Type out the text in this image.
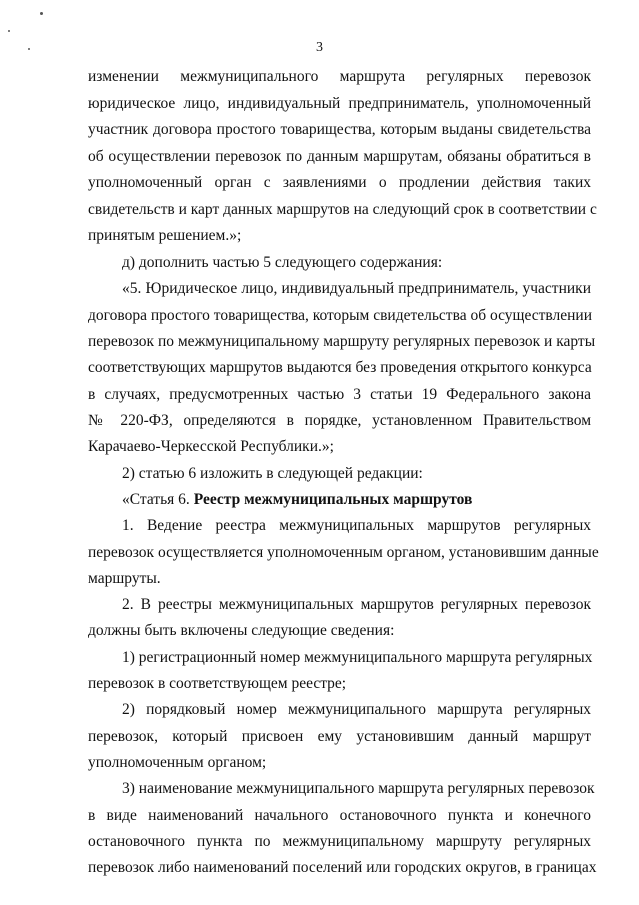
3
изменении межмуниципального маршрута регулярных перевозок
юридическое лицо, индивидуальный предприниматель, уполномоченный
участник договора простого товарищества, которым выданы свидетельства
об осуществлении перевозок по данным маршрутам, обязаны обратиться в
уполномоченный орган с заявлениями о продлении действия таких
свидетельств и карт данных маршрутов на следующий срок в соответствии с
принятым решением.»;
д) дополнить частью 5 следующего содержания:
«5. Юридическое лицо, индивидуальный предприниматель, участники
договора простого товарищества, которым свидетельства об осуществлении
перевозок по межмуниципальному маршруту регулярных перевозок и карты
соответствующих маршрутов выдаются без проведения открытого конкурса
в случаях, предусмотренных частью 3 статьи 19 Федерального закона
№ 220-ФЗ, определяются в порядке, установленном Правительством
Карачаево-Черкесской Республики.»;
2) статью 6 изложить в следующей редакции:
«Статья 6. Реестр межмуниципальных маршрутов
1. Ведение реестра межмуниципальных маршрутов регулярных
перевозок осуществляется уполномоченным органом, установившим данные
маршруты.
2. В реестры межмуниципальных маршрутов регулярных перевозок
должны быть включены следующие сведения:
1) регистрационный номер межмуниципального маршрута регулярных
перевозок в соответствующем реестре;
2) порядковый номер межмуниципального маршрута регулярных
перевозок, который присвоен ему установившим данный маршрут
уполномоченным органом;
3) наименование межмуниципального маршрута регулярных перевозок
в виде наименований начального остановочного пункта и конечного
остановочного пункта по межмуниципальному маршруту регулярных
перевозок либо наименований поселений или городских округов, в границах
